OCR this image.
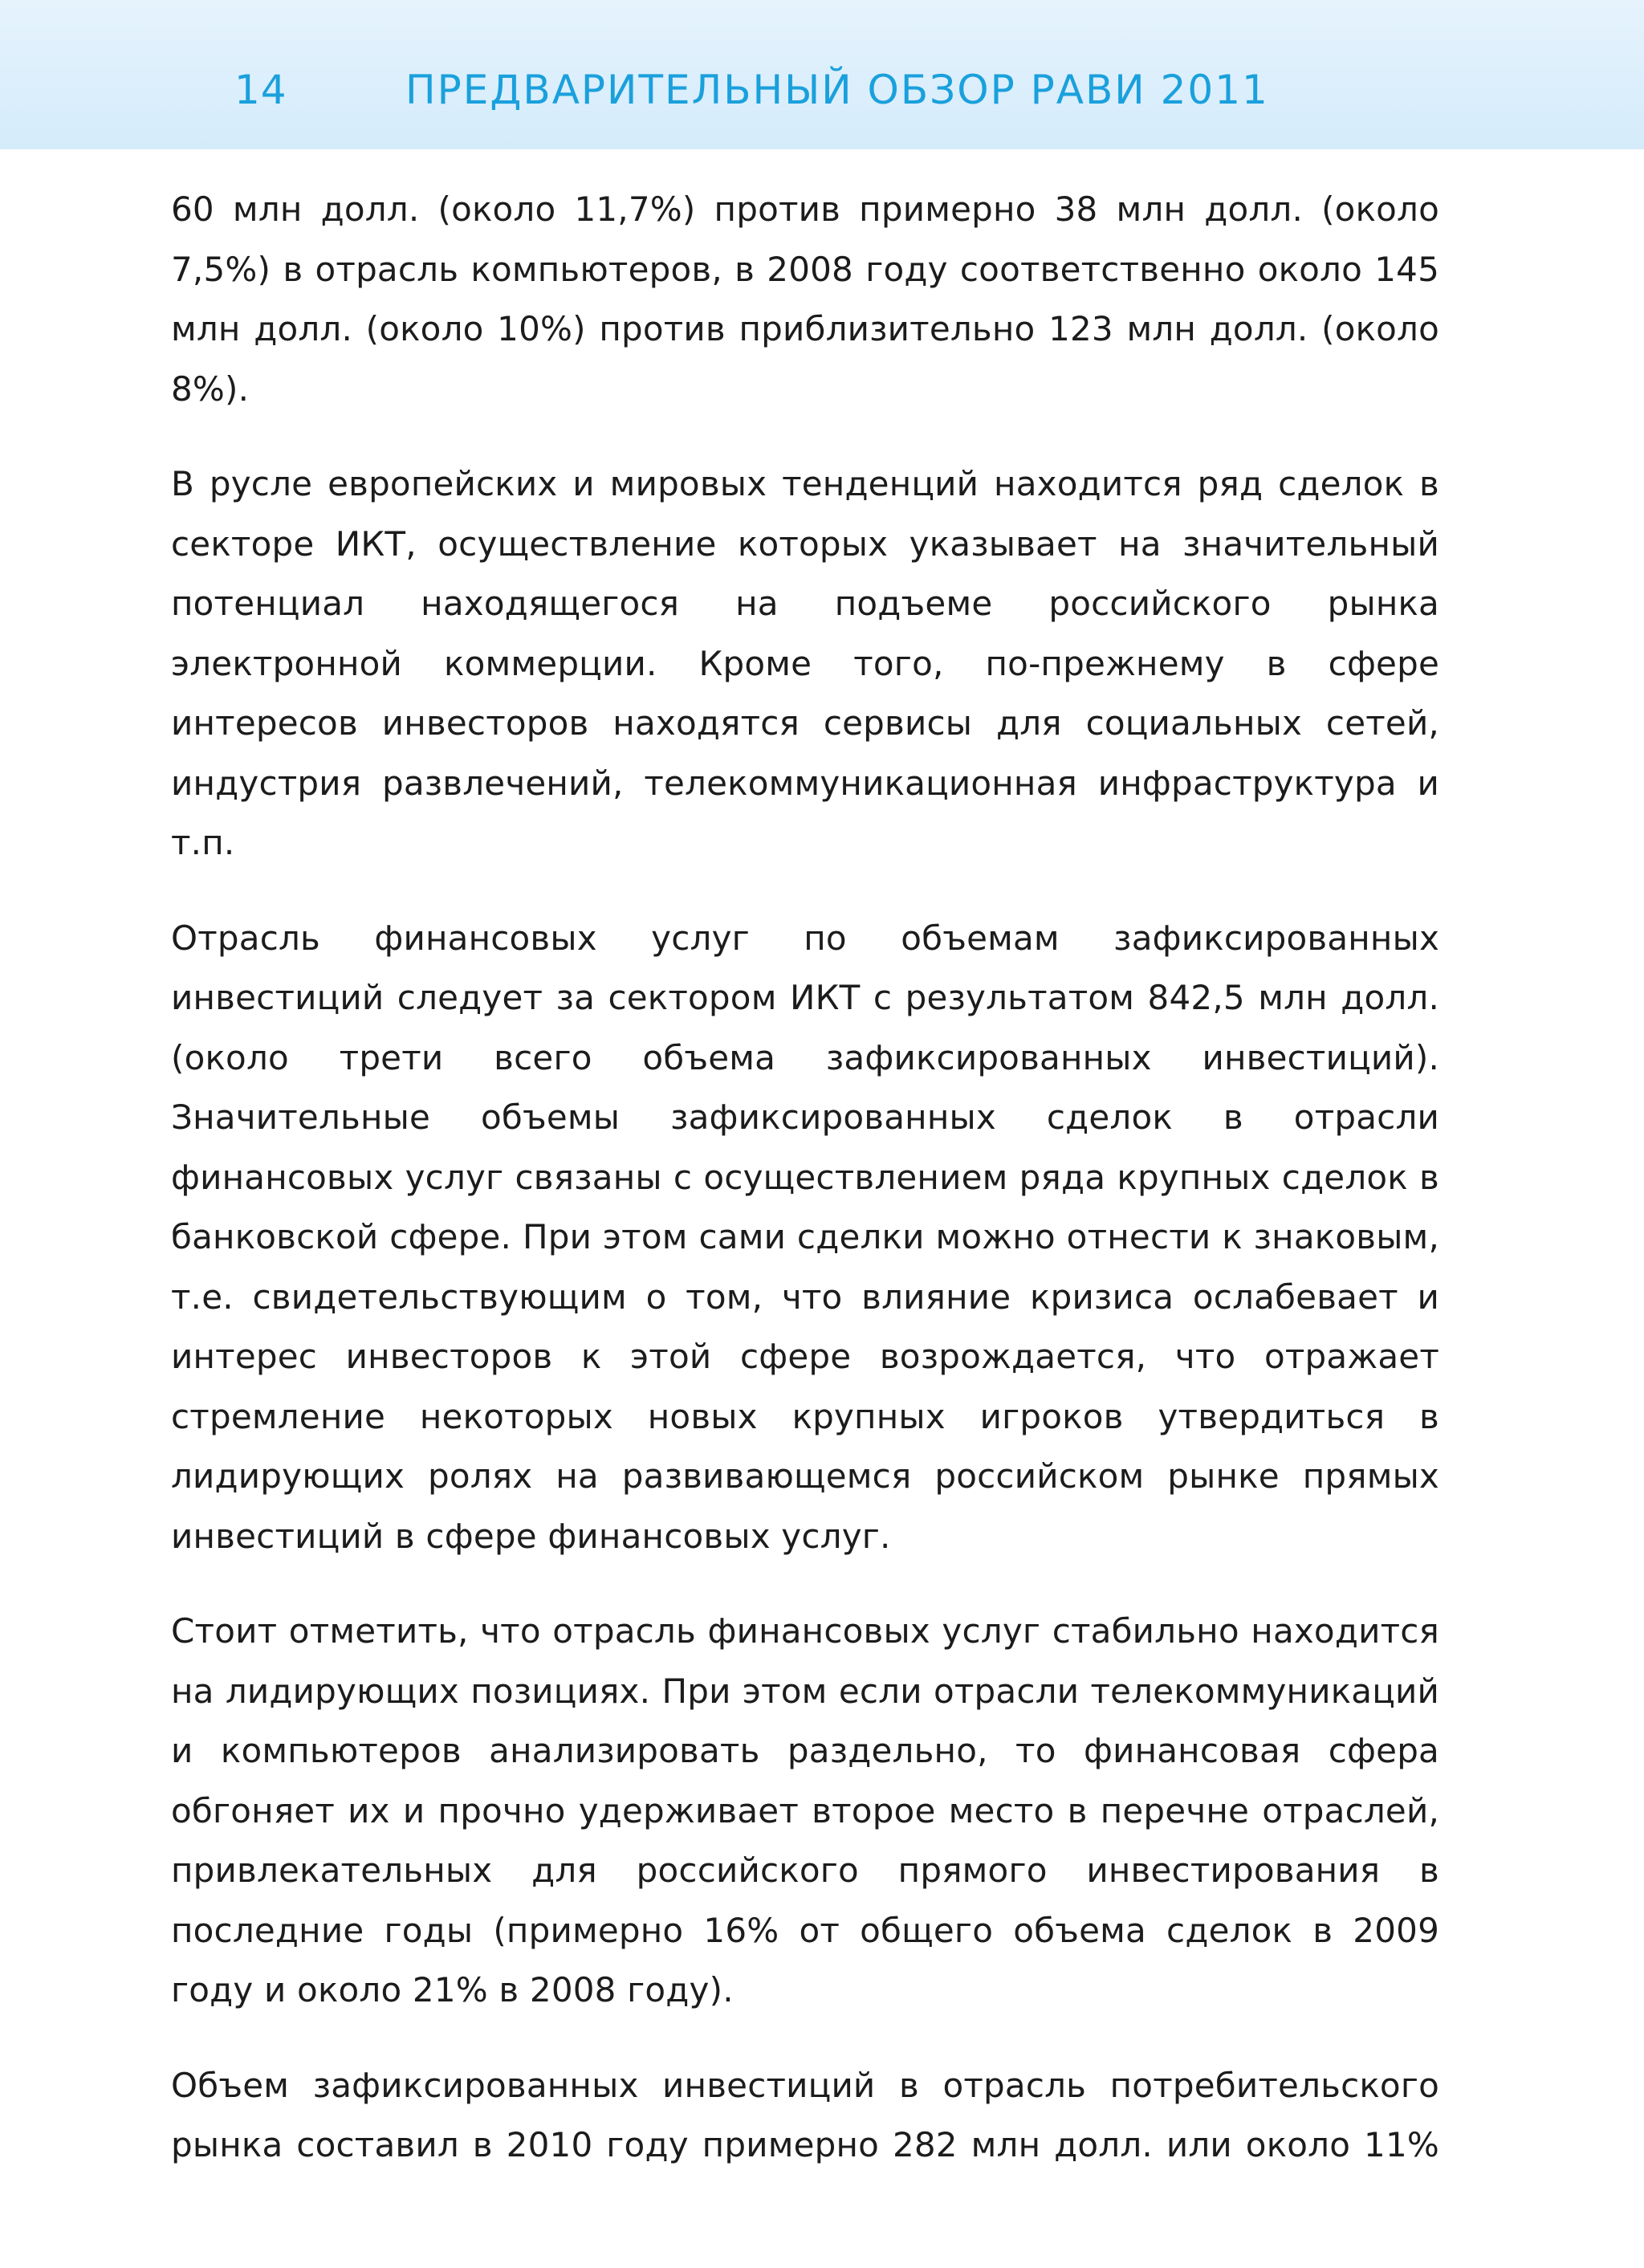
14	ПРЕДВАРИТЕЛЬНЫЙ ОБЗОР РАВИ 2011

60 млн долл. (около 11,7%) против примерно 38 млн долл. (около 7,5%) в отрасль компьютеров, в 2008 году соответственно около 145 млн долл. (около 10%) против приблизительно 123 млн долл. (около 8%).

В русле европейских и мировых тенденций находится ряд сделок в секторе ИКТ, осуществление которых указывает на значительный потенциал находящегося на подъеме российского рынка электронной коммерции. Кроме того, по-прежнему в сфере интересов инвесторов находятся сервисы для социальных сетей, индустрия развлечений, телекоммуникационная инфраструктура и т.п.

Отрасль финансовых услуг по объемам зафиксированных инвестиций следует за сектором ИКТ с результатом 842,5 млн долл. (около трети всего объема зафиксированных инвестиций). Значительные объемы зафиксированных сделок в отрасли финансовых услуг связаны с осуществлением ряда крупных сделок в банковской сфере. При этом сами сделки можно отнести к знаковым, т.е. свидетельствующим о том, что влияние кризиса ослабевает и интерес инвесторов к этой сфере возрождается, что отражает стремление некоторых новых крупных игроков утвердиться в лидирующих ролях на развивающемся российском рынке прямых инвестиций в сфере финансовых услуг.

Стоит отметить, что отрасль финансовых услуг стабильно находится на лидирующих позициях. При этом если отрасли телекоммуникаций и компьютеров анализировать раздельно, то финансовая сфера обгоняет их и прочно удерживает второе место в перечне отраслей, привлекательных для российского прямого инвестирования в последние годы (примерно 16% от общего объема сделок в 2009 году и около 21% в 2008 году).

Объем зафиксированных инвестиций в отрасль потребительского рынка составил в 2010 году примерно 282 млн долл. или около 11%
